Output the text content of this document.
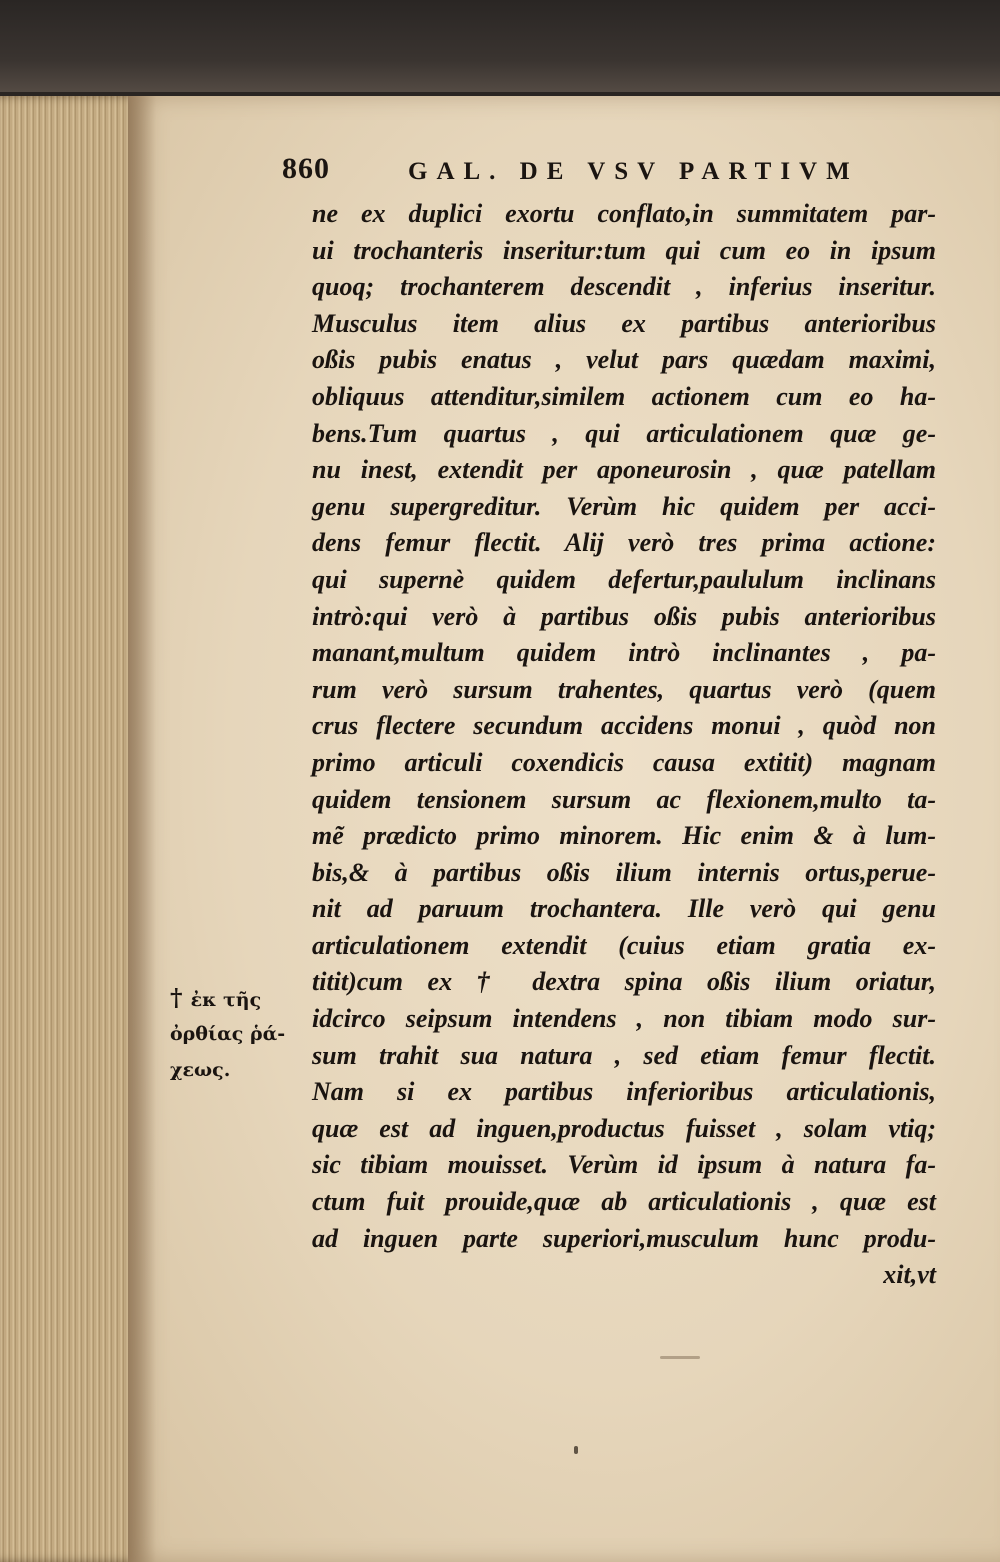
860	GAL. DE VSV PARTIVM
ne ex duplici exortu conflato,in summitatem par-
ui trochanteris inseritur:tum qui cum eo in ipsum
quoq; trochanterem descendit , inferius inseritur.
Musculus item alius ex partibus anterioribus
oßis pubis enatus , velut pars quædam maximi,
obliquus attenditur,similem actionem cum eo ha-
bens.Tum quartus , qui articulationem quæ ge-
nu inest, extendit per aponeurosin , quæ patellam
genu supergreditur. Verùm hic quidem per acci-
dens femur flectit. Alij verò tres prima actione:
qui supernè quidem defertur,paululum inclinans
intrò:qui verò à partibus oßis pubis anterioribus
manant,multum quidem intrò inclinantes , pa-
rum verò sursum trahentes, quartus verò (quem
crus flectere secundum accidens monui , quòd non
primo articuli coxendicis causa extitit) magnam
quidem tensionem sursum ac flexionem,multo ta-
mẽ prædicto primo minorem. Hic enim & à lum-
bis,& à partibus oßis ilium internis ortus,perue-
nit ad paruum trochantera. Ille verò qui genu
articulationem extendit (cuius etiam gratia ex-
titit)cum ex † dextra spina oßis ilium oriatur,
idcirco seipsum intendens , non tibiam modo sur-
sum trahit sua natura , sed etiam femur flectit.
Nam si ex partibus inferioribus articulationis,
quæ est ad inguen,productus fuisset , solam vtiq;
sic tibiam mouisset. Verùm id ipsum à natura fa-
ctum fuit prouide,quæ ab articulationis , quæ est
ad inguen parte superiori,musculum hunc produ-
xit,vt
† ἐκ τῆς
ὀρθίας ῥά-
χεως.
